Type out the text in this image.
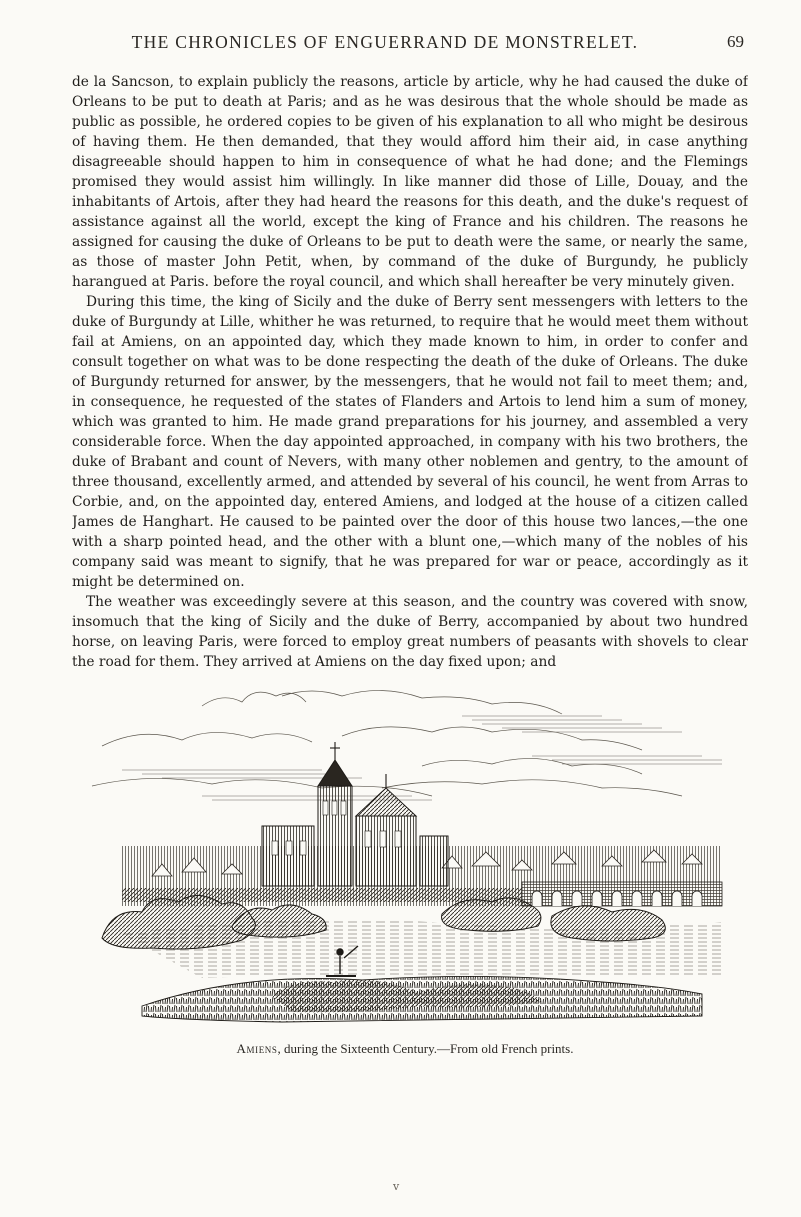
THE CHRONICLES OF ENGUERRAND DE MONSTRELET.	69

de la Sancson, to explain publicly the reasons, article by article, why he had caused the duke of Orleans to be put to death at Paris; and as he was desirous that the whole should be made as public as possible, he ordered copies to be given of his explanation to all who might be desirous of having them. He then demanded, that they would afford him their aid, in case anything disagreeable should happen to him in consequence of what he had done; and the Flemings promised they would assist him willingly. In like manner did those of Lille, Douay, and the inhabitants of Artois, after they had heard the reasons for this death, and the duke's request of assistance against all the world, except the king of France and his children. The reasons he assigned for causing the duke of Orleans to be put to death were the same, or nearly the same, as those of master John Petit, when, by command of the duke of Burgundy, he publicly harangued at Paris. before the royal council, and which shall hereafter be very minutely given.

During this time, the king of Sicily and the duke of Berry sent messengers with letters to the duke of Burgundy at Lille, whither he was returned, to require that he would meet them without fail at Amiens, on an appointed day, which they made known to him, in order to confer and consult together on what was to be done respecting the death of the duke of Orleans. The duke of Burgundy returned for answer, by the messengers, that he would not fail to meet them; and, in consequence, he requested of the states of Flanders and Artois to lend him a sum of money, which was granted to him. He made grand preparations for his journey, and assembled a very considerable force. When the day appointed approached, in company with his two brothers, the duke of Brabant and count of Nevers, with many other noblemen and gentry, to the amount of three thousand, excellently armed, and attended by several of his council, he went from Arras to Corbie, and, on the appointed day, entered Amiens, and lodged at the house of a citizen called James de Hanghart. He caused to be painted over the door of this house two lances,—the one with a sharp pointed head, and the other with a blunt one,—which many of the nobles of his company said was meant to signify, that he was prepared for war or peace, accordingly as it might be determined on.

The weather was exceedingly severe at this season, and the country was covered with snow, insomuch that the king of Sicily and the duke of Berry, accompanied by about two hundred horse, on leaving Paris, were forced to employ great numbers of peasants with shovels to clear the road for them. They arrived at Amiens on the day fixed upon; and

Amiens, during the Sixteenth Century.—From old French prints.
v
